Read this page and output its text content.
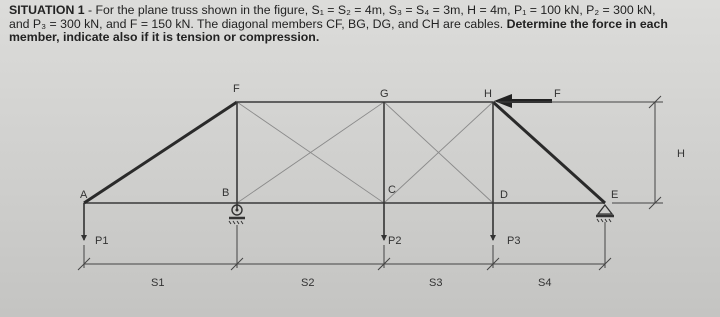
SITUATION 1 - For the plane truss shown in the figure, S₁ = S₂ = 4m, S₃ = S₄ = 3m, H = 4m, P₁ = 100 kN, P₂ = 300 kN,
and P₃ = 300 kN, and F = 150 kN. The diagonal members CF, BG, DG, and CH are cables. Determine the force in each
member, indicate also if it is tension or compression.
F
A	B	C	D	E
F	G	H
P1	P2	P3
S1	S2	S3	S4
H
